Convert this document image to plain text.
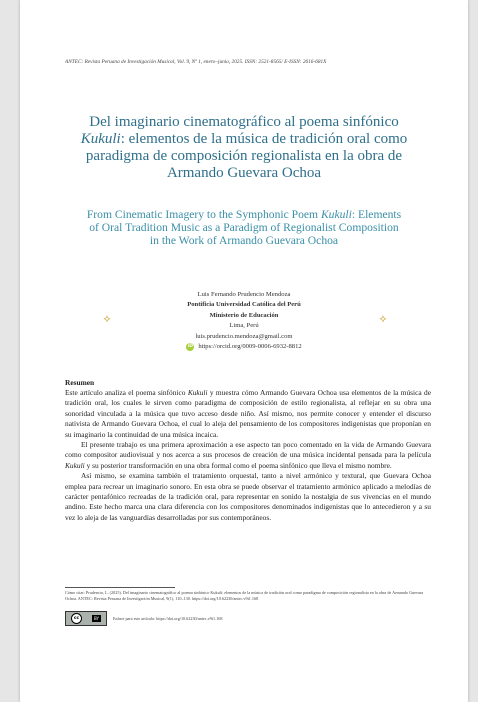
ANTEC: Revista Peruana de Investigación Musical, Vol. 9, Nº 1, enero–junio, 2025. ISSN: 2521-8565/ E-ISSN: 2616-681X
Del imaginario cinematográfico al poema sinfónico
Kukuli: elementos de la música de tradición oral como
paradigma de composición regionalista en la obra de
Armando Guevara Ochoa
From Cinematic Imagery to the Symphonic Poem Kukuli: Elements
of Oral Tradition Music as a Paradigm of Regionalist Composition
in the Work of Armando Guevara Ochoa
⟡	⟡
Luis Fernando Prudencio Mendoza
Pontificia Universidad Católica del Perú
Ministerio de Educación
Lima, Perú
luis.prudencio.mendoza@gmail.com
iD https://orcid.org/0009-0006-6932-8812
Resumen

Este artículo analiza el poema sinfónico Kukuli y muestra cómo Armando Guevara Ochoa usa elementos de la música de tradición oral, los cuales le sirven como paradigma de composición de estilo regionalista, al reflejar en su obra una sonoridad vinculada a la música que tuvo acceso desde niño. Así mismo, nos permite conocer y entender el discurso nativista de Armando Guevara Ochoa, el cual lo aleja del pensamiento de los compositores indigenistas que proponían en su imaginario la continuidad de una música incaica.

El presente trabajo es una primera aproximación a ese aspecto tan poco comentado en la vida de Armando Guevara como compositor audiovisual y nos acerca a sus procesos de creación de una música incidental pensada para la película Kukuli y su posterior transformación en una obra formal como el poema sinfónico que lleva el mismo nombre.

Así mismo, se examina también el tratamiento orquestal, tanto a nivel armónico y textural, que Guevara Ochoa emplea para recrear un imaginario sonoro. En esta obra se puede observar el tratamiento armónico aplicado a melodías de carácter pentafónico recreadas de la tradición oral, para representar en sonido la nostalgia de sus vivencias en el mundo andino. Este hecho marca una clara diferencia con los compositores denominados indigenistas que lo antecedieron y a su vez lo aleja de las vanguardias desarrolladas por sus contemporáneos.

Cómo citar: Prudencio, L. (2025). Del imaginario cinematográfico al poema sinfónico Kukuli: elementos de la música de tradición oral como paradigma de composición regionalista en la obra de Armando Guevara Ochoa. ANTEC: Revista Peruana de Investigación Musical, 9(1), 110–130. https://doi.org/10.62230/antec.v9i1.168
cc	BY	Enlace para este artículo: https://doi.org/10.62230/antec.v9i1.168
